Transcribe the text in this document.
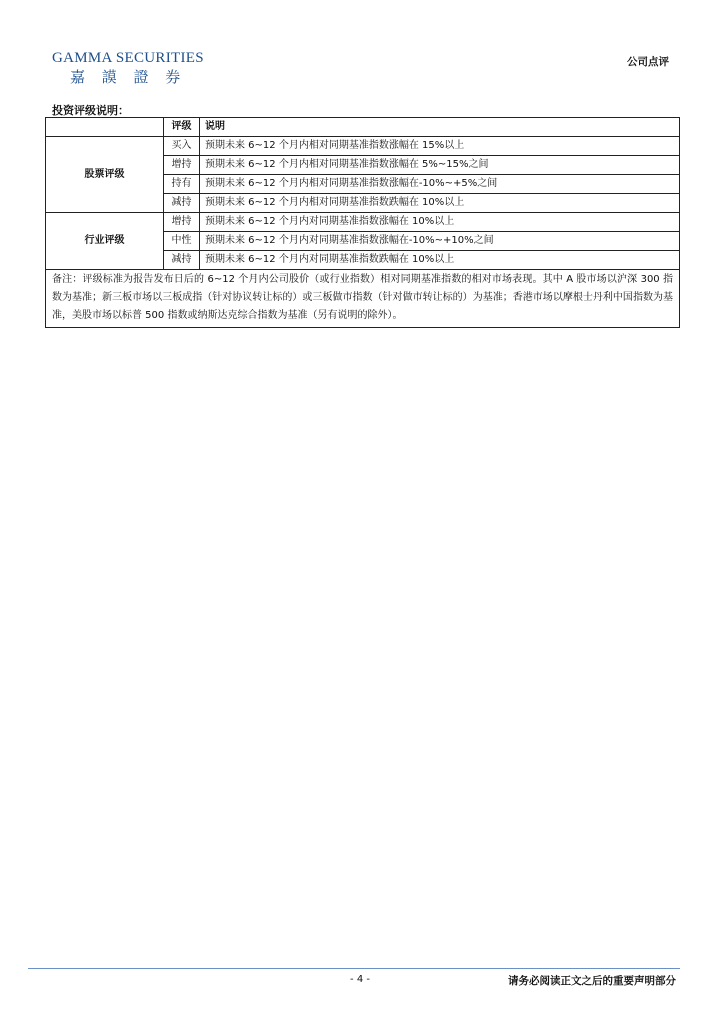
GAMMA SECURITIES
嘉 謨 證 券
公司点评
投资评级说明：
	评级	说明
股票评级	买入	预期未来 6~12 个月内相对同期基准指数涨幅在 15%以上
	增持	预期未来 6~12 个月内相对同期基准指数涨幅在 5%~15%之间
	持有	预期未来 6~12 个月内相对同期基准指数涨幅在-10%~+5%之间
	减持	预期未来 6~12 个月内相对同期基准指数跌幅在 10%以上
行业评级	增持	预期未来 6~12 个月内对同期基准指数涨幅在 10%以上
	中性	预期未来 6~12 个月内对同期基准指数涨幅在-10%~+10%之间
	减持	预期未来 6~12 个月内对同期基准指数跌幅在 10%以上
备注：评级标准为报告发布日后的 6~12 个月内公司股价（或行业指数）相对同期基准指数的相对市场表现。其中 A 股市场以沪深 300 指数为基准；新三板市场以三板成指（针对协议转让标的）或三板做市指数（针对做市转让标的）为基准；香港市场以摩根士丹利中国指数为基准，美股市场以标普 500 指数或纳斯达克综合指数为基准（另有说明的除外）。		
- 4 -	请务必阅读正文之后的重要声明部分
